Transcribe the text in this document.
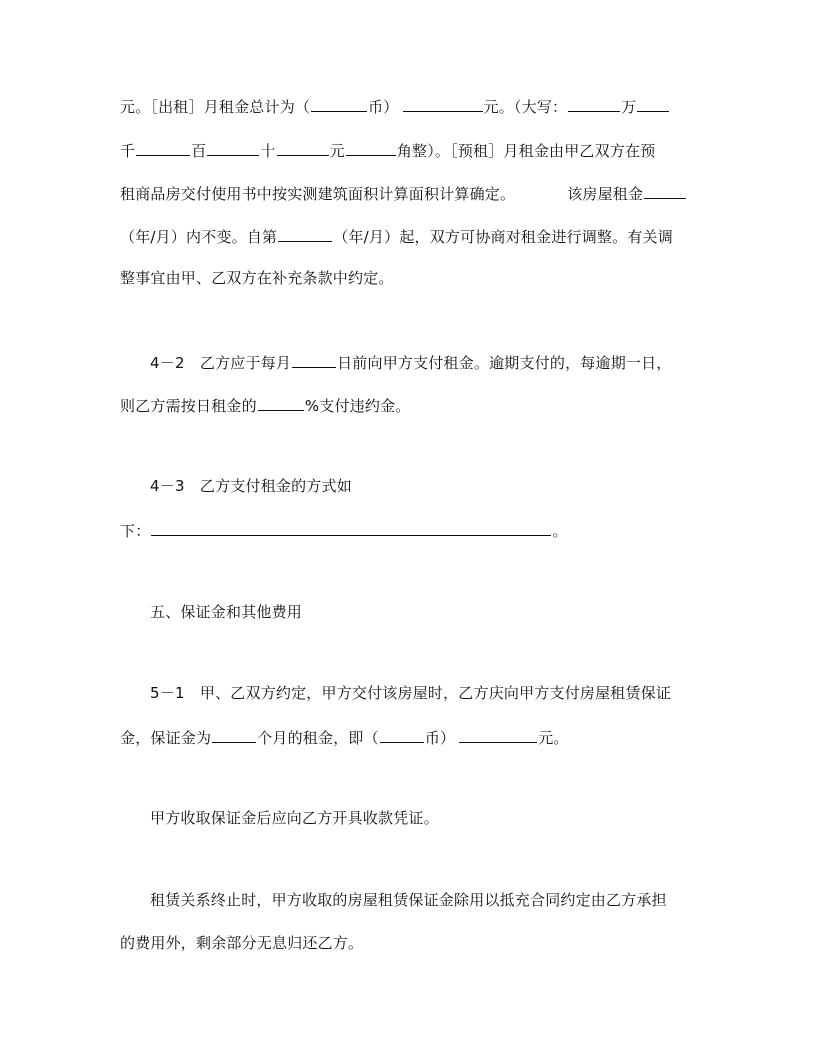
元。［出租］月租金总计为（	币）	元。（大写：	万
千	百	十	元	角整）。［预租］月租金由甲乙双方在预
租商品房交付使用书中按实测建筑面积计算面积计算确定。	该房屋租金
（年/月）内不变。自第	（年/月）起，双方可协商对租金进行调整。有关调
整事宜由甲、乙双方在补充条款中约定。
4－2　乙方应于每月	日前向甲方支付租金。逾期支付的，每逾期一日，
则乙方需按日租金的	%支付违约金。
4－3　乙方支付租金的方式如
下：	。
五、保证金和其他费用
5－1　甲、乙双方约定，甲方交付该房屋时，乙方庆向甲方支付房屋租赁保证
金，保证金为	个月的租金，即（	币）	元。
甲方收取保证金后应向乙方开具收款凭证。
租赁关系终止时，甲方收取的房屋租赁保证金除用以抵充合同约定由乙方承担
的费用外，剩余部分无息归还乙方。
